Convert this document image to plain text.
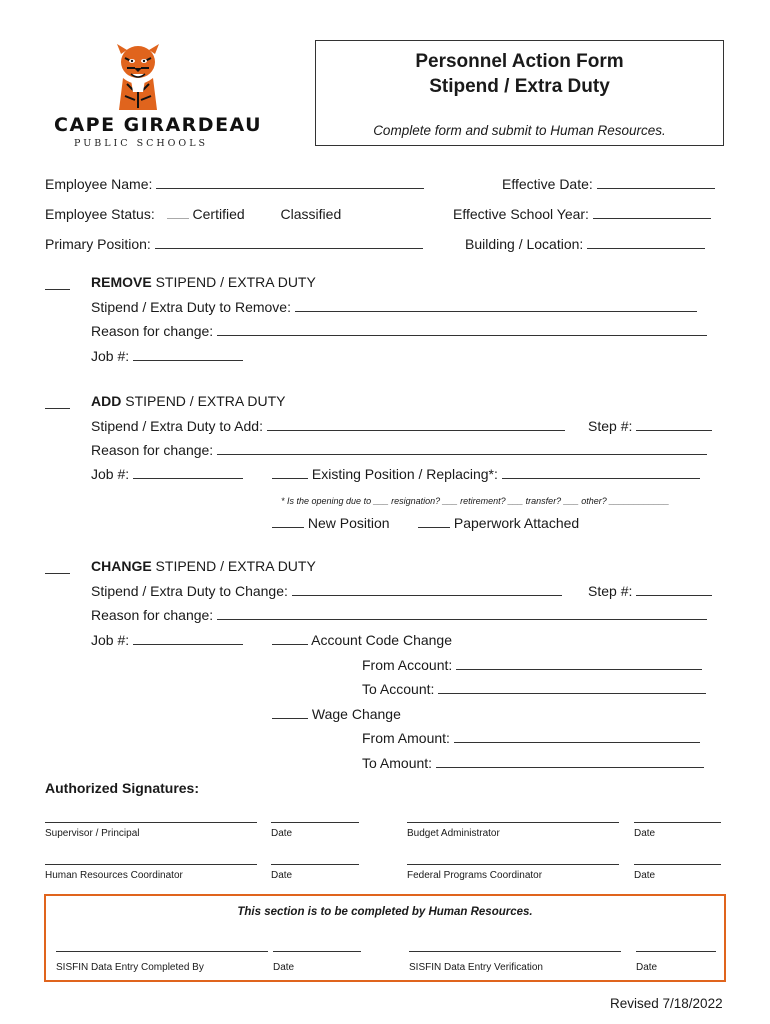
CAPE GIRARDEAU
PUBLIC SCHOOLS
Personnel Action Form
Stipend / Extra Duty
Complete form and submit to Human Resources.
Employee Name:	Effective Date:
Employee Status:	Certified	Classified	Effective School Year:
Primary Position:	Building / Location:
REMOVE STIPEND / EXTRA DUTY
Stipend / Extra Duty to Remove:
Reason for change:
Job #:
ADD STIPEND / EXTRA DUTY
Stipend / Extra Duty to Add:	Step #:
Reason for change:
Job #:	Existing Position / Replacing*:
* Is the opening due to ___ resignation? ___ retirement? ___ transfer? ___ other? ____________
New Position	Paperwork Attached
CHANGE STIPEND / EXTRA DUTY
Stipend / Extra Duty to Change:	Step #:
Reason for change:
Job #:	Account Code Change
From Account:
To Account:
Wage Change
From Amount:
To Amount:
Authorized Signatures:
Supervisor / Principal	Date	Budget Administrator	Date
Human Resources Coordinator	Date	Federal Programs Coordinator	Date
This section is to be completed by Human Resources.
SISFIN Data Entry Completed By	Date	SISFIN Data Entry Verification	Date
Revised 7/18/2022
